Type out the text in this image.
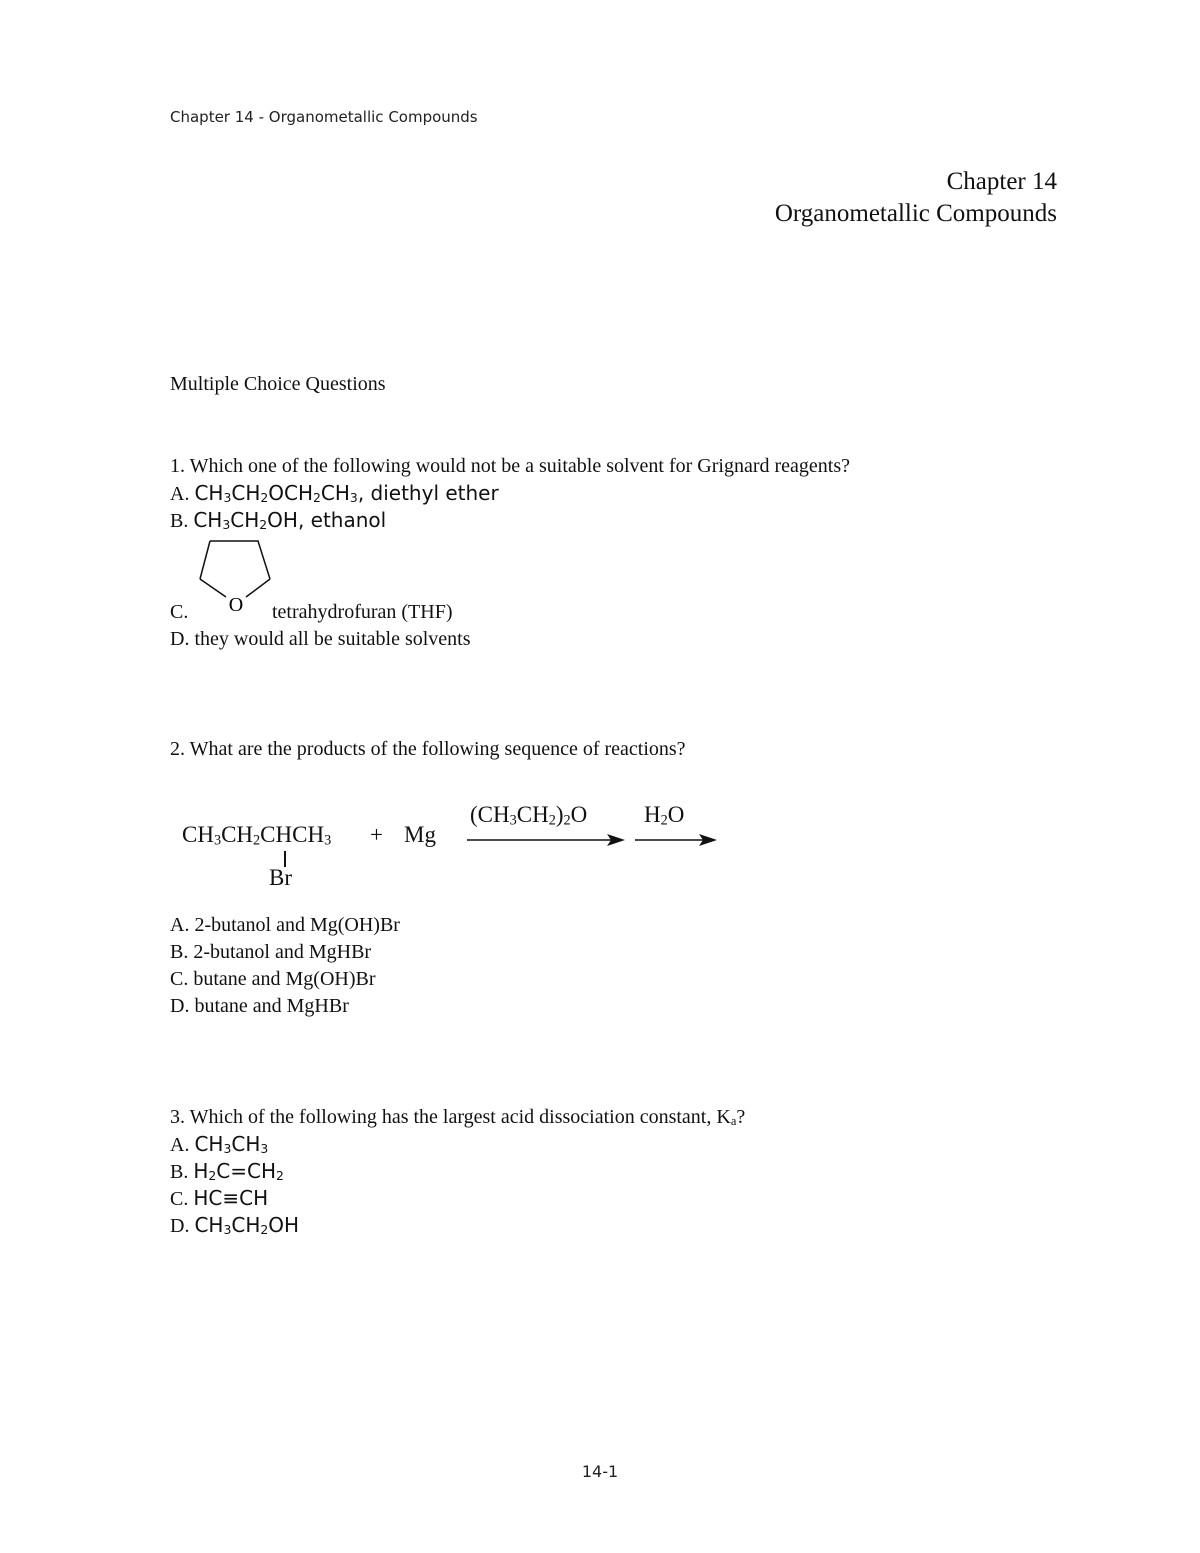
Chapter 14 - Organometallic Compounds
Chapter 14
Organometallic Compounds
Multiple Choice Questions
1. Which one of the following would not be a suitable solvent for Grignard reagents?
A. $CH_3CH_2OCH_2CH_3$, diethyl ether
B. $CH_3CH_2OH$, ethanol
O
C.	tetrahydrofuran (THF)
D. they would all be suitable solvents
2. What are the products of the following sequence of reactions?
$CH_3CH_2CHCH_3$
Br
+ Mg
$(CH_3CH_2)_2O$ $H_2O$
A. 2-butanol and Mg(OH)Br
B. 2-butanol and MgHBr
C. butane and Mg(OH)Br
D. butane and MgHBr
3. Which of the following has the largest acid dissociation constant, $K_a$?
A. $CH_3CH_3$
B. $H_2C=CH_2$
C. HC≡CH
D. $CH_3CH_2OH$
14-1
